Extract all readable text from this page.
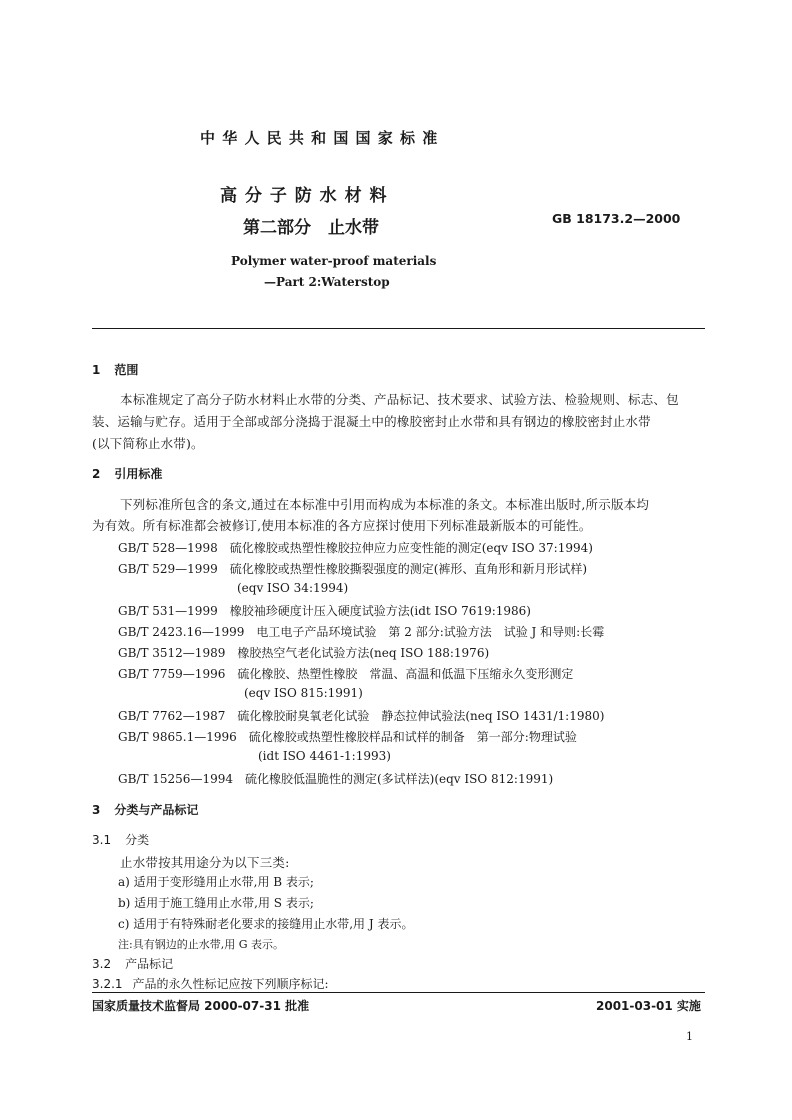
中 华 人 民 共 和 国 国 家 标 准
高 分 子 防 水 材 料
第二部分　止水带	GB 18173.2—2000
Polymer water-proof materials
—Part 2:Waterstop
1 范围
本标准规定了高分子防水材料止水带的分类、产品标记、技术要求、试验方法、检验规则、标志、包
装、运输与贮存。适用于全部或部分浇捣于混凝土中的橡胶密封止水带和具有钢边的橡胶密封止水带
(以下简称止水带)。
2 引用标准
下列标准所包含的条文,通过在本标准中引用而构成为本标准的条文。本标准出版时,所示版本均
为有效。所有标准都会被修订,使用本标准的各方应探讨使用下列标准最新版本的可能性。
GB/T 528—1998　硫化橡胶或热塑性橡胶拉伸应力应变性能的测定(eqv ISO 37:1994)
GB/T 529—1999　硫化橡胶或热塑性橡胶撕裂强度的测定(裤形、直角形和新月形试样)
(eqv ISO 34:1994)
GB/T 531—1999　橡胶袖珍硬度计压入硬度试验方法(idt ISO 7619:1986)
GB/T 2423.16—1999　电工电子产品环境试验　第 2 部分:试验方法　试验 J 和导则:长霉
GB/T 3512—1989　橡胶热空气老化试验方法(neq ISO 188:1976)
GB/T 7759—1996　硫化橡胶、热塑性橡胶　常温、高温和低温下压缩永久变形测定
(eqv ISO 815:1991)
GB/T 7762—1987　硫化橡胶耐臭氧老化试验　静态拉伸试验法(neq ISO 1431/1:1980)
GB/T 9865.1—1996　硫化橡胶或热塑性橡胶样品和试样的制备　第一部分:物理试验
(idt ISO 4461-1:1993)
GB/T 15256—1994　硫化橡胶低温脆性的测定(多试样法)(eqv ISO 812:1991)
3 分类与产品标记
3.1 分类
止水带按其用途分为以下三类:
a) 适用于变形缝用止水带,用 B 表示;
b) 适用于施工缝用止水带,用 S 表示;
c) 适用于有特殊耐老化要求的接缝用止水带,用 J 表示。
注:具有钢边的止水带,用 G 表示。
3.2 产品标记
3.2.1 产品的永久性标记应按下列顺序标记:
国家质量技术监督局 2000-07-31 批准	2001-03-01 实施
1
